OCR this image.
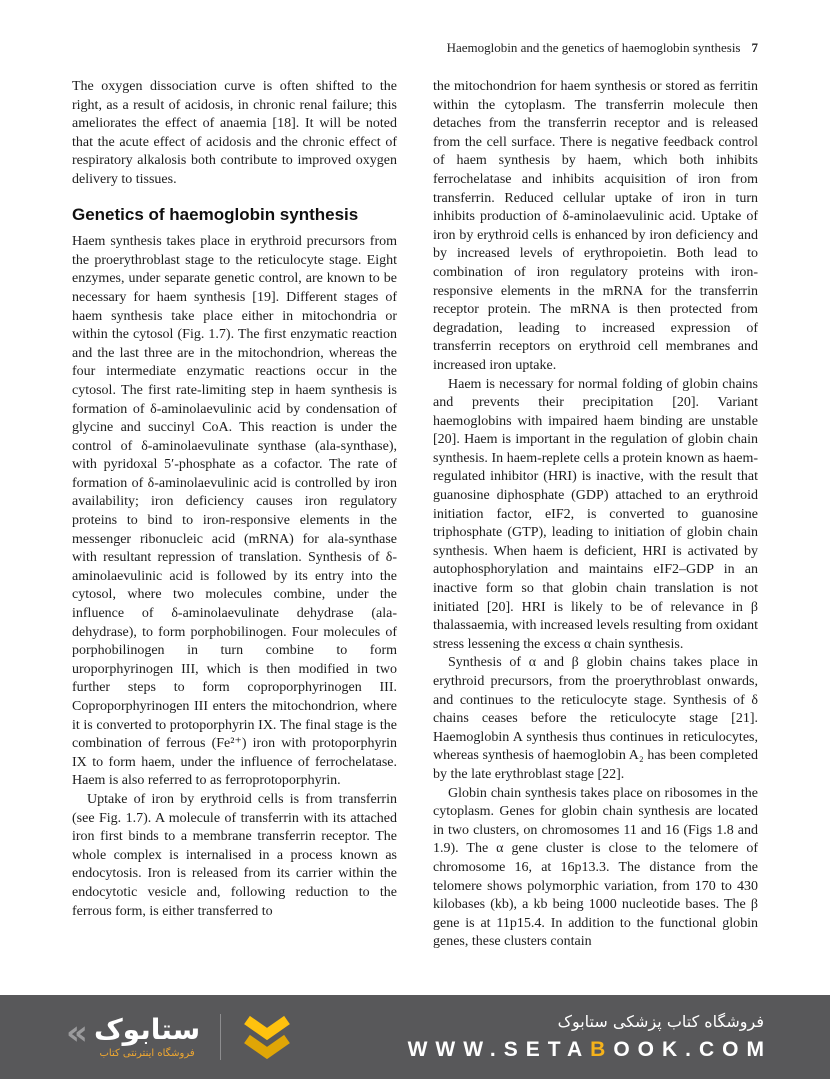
Haemoglobin and the genetics of haemoglobin synthesis 7

The oxygen dissociation curve is often shifted to the right, as a result of acidosis, in chronic renal failure; this ameliorates the effect of anaemia [18]. It will be noted that the acute effect of acidosis and the chronic effect of respiratory alkalosis both contribute to improved oxygen delivery to tissues.

Genetics of haemoglobin synthesis

Haem synthesis takes place in erythroid precursors from the proerythroblast stage to the reticulocyte stage. Eight enzymes, under separate genetic control, are known to be necessary for haem synthesis [19]. Different stages of haem synthesis take place either in mitochondria or within the cytosol (Fig. 1.7). The first enzymatic reaction and the last three are in the mitochondrion, whereas the four intermediate enzymatic reactions occur in the cytosol. The first rate-limiting step in haem synthesis is formation of δ-aminolaevulinic acid by condensation of glycine and succinyl CoA. This reaction is under the control of δ-aminolaevulinate synthase (ala-synthase), with pyridoxal 5′-phosphate as a cofactor. The rate of formation of δ-aminolaevulinic acid is controlled by iron availability; iron deficiency causes iron regulatory proteins to bind to iron-responsive elements in the messenger ribonucleic acid (mRNA) for ala-synthase with resultant repression of translation. Synthesis of δ-aminolaevulinic acid is followed by its entry into the cytosol, where two molecules combine, under the influence of δ-aminolaevulinate dehydrase (ala-dehydrase), to form porphobilinogen. Four molecules of porphobilinogen in turn combine to form uroporphyrinogen III, which is then modified in two further steps to form coproporphyrinogen III. Coproporphyrinogen III enters the mitochondrion, where it is converted to protoporphyrin IX. The final stage is the combination of ferrous (Fe²⁺) iron with protoporphyrin IX to form haem, under the influence of ferrochelatase. Haem is also referred to as ferroprotoporphyrin.

Uptake of iron by erythroid cells is from transferrin (see Fig. 1.7). A molecule of transferrin with its attached iron first binds to a membrane transferrin receptor. The whole complex is internalised in a process known as endocytosis. Iron is released from its carrier within the endocytotic vesicle and, following reduction to the ferrous form, is either transferred to

the mitochondrion for haem synthesis or stored as ferritin within the cytoplasm. The transferrin molecule then detaches from the transferrin receptor and is released from the cell surface. There is negative feedback control of haem synthesis by haem, which both inhibits ferrochelatase and inhibits acquisition of iron from transferrin. Reduced cellular uptake of iron in turn inhibits production of δ-aminolaevulinic acid. Uptake of iron by erythroid cells is enhanced by iron deficiency and by increased levels of erythropoietin. Both lead to combination of iron regulatory proteins with iron-responsive elements in the mRNA for the transferrin receptor protein. The mRNA is then protected from degradation, leading to increased expression of transferrin receptors on erythroid cell membranes and increased iron uptake.

Haem is necessary for normal folding of globin chains and prevents their precipitation [20]. Variant haemoglobins with impaired haem binding are unstable [20]. Haem is important in the regulation of globin chain synthesis. In haem-replete cells a protein known as haem-regulated inhibitor (HRI) is inactive, with the result that guanosine diphosphate (GDP) attached to an erythroid initiation factor, eIF2, is converted to guanosine triphosphate (GTP), leading to initiation of globin chain synthesis. When haem is deficient, HRI is activated by autophosphorylation and maintains eIF2–GDP in an inactive form so that globin chain translation is not initiated [20]. HRI is likely to be of relevance in β thalassaemia, with increased levels resulting from oxidant stress lessening the excess α chain synthesis.

Synthesis of α and β globin chains takes place in erythroid precursors, from the proerythroblast onwards, and continues to the reticulocyte stage. Synthesis of δ chains ceases before the reticulocyte stage [21]. Haemoglobin A synthesis thus continues in reticulocytes, whereas synthesis of haemoglobin A₂ has been completed by the late erythroblast stage [22].

Globin chain synthesis takes place on ribosomes in the cytoplasm. Genes for globin chain synthesis are located in two clusters, on chromosomes 11 and 16 (Figs 1.8 and 1.9). The α gene cluster is close to the telomere of chromosome 16, at 16p13.3. The distance from the telomere shows polymorphic variation, from 170 to 430 kilobases (kb), a kb being 1000 nucleotide bases. The β gene is at 11p15.4. In addition to the functional globin genes, these clusters contain

« ستابوک
فروشگاه اینترنتی کتاب
فروشگاه کتاب پزشکی ستابوک
WWW.SETABOOK.COM
